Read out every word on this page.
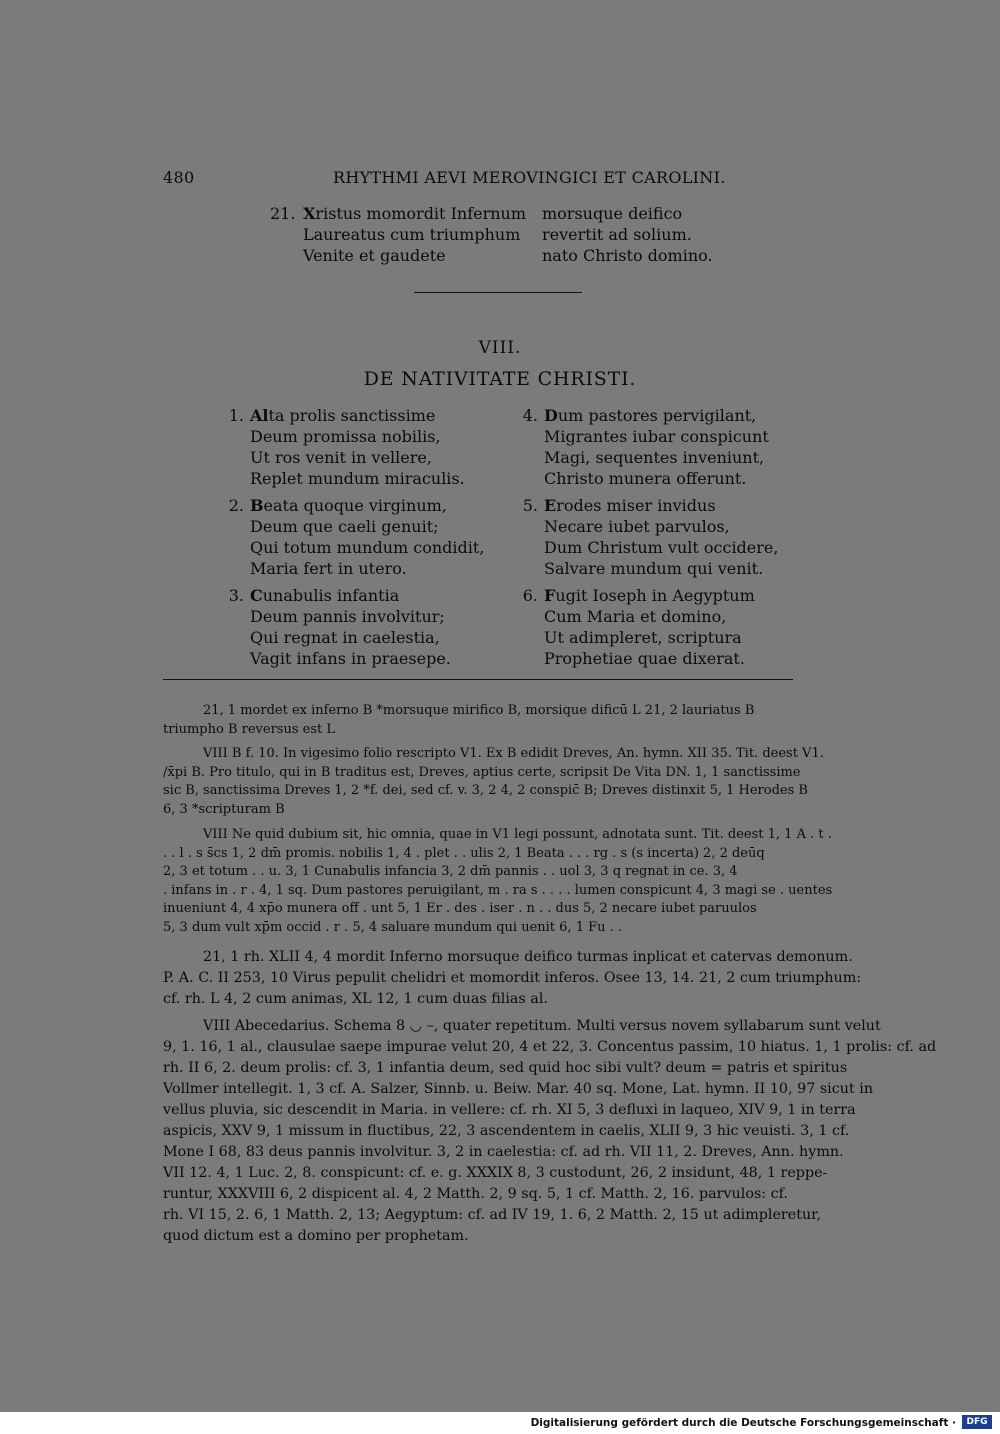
480	RHYTHMI AEVI MEROVINGICI ET CAROLINI.
21. Xristus momordit Infernum
Laureatus cum triumphum
Venite et gaudete
morsuque deifico
revertit ad solium.
nato Christo domino.
VIII.
DE NATIVITATE CHRISTI.
1. Alta prolis sanctissime
Deum promissa nobilis,
Ut ros venit in vellere,
Replet mundum miraculis.
2. Beata quoque virginum,
Deum que caeli genuit;
Qui totum mundum condidit,
Maria fert in utero.
3. Cunabulis infantia
Deum pannis involvitur;
Qui regnat in caelestia,
Vagit infans in praesepe.
4. Dum pastores pervigilant,
Migrantes iubar conspicunt
Magi, sequentes inveniunt,
Christo munera offerunt.
5. Erodes miser invidus
Necare iubet parvulos,
Dum Christum vult occidere,
Salvare mundum qui venit.
6. Fugit Ioseph in Aegyptum
Cum Maria et domino,
Ut adimpleret, scriptura
Prophetiae quae dixerat.
21, 1 mordet ex inferno B *morsuque mirifico B, morsique dificū L 21, 2 lauriatus B
triumpho B reversus est L
VIII B f. 10. In vigesimo folio rescripto V1. Ex B edidit Dreves, An. hymn. XII 35. Tit. deest V1.
/x̄pi B. Pro titulo, qui in B traditus est, Dreves, aptius certe, scripsit De Vita DN. 1, 1 sanctissime
sic B, sanctissima Dreves 1, 2 *f. dei, sed cf. v. 3, 2 4, 2 conspic̄ B; Dreves distinxit 5, 1 Herodes B
6, 3 *scripturam B
VIII Ne quid dubium sit, hic omnia, quae in V1 legi possunt, adnotata sunt. Tit. deest 1, 1 A . t .
. . l . s s̄cs 1, 2 dm̄ promis. nobilis 1, 4 . plet . . ulis 2, 1 Beata . . . rg . s (s incerta) 2, 2 deūq
2, 3 et totum . . u. 3, 1 Cunabulis infancia 3, 2 dm̄ pannis . . uol 3, 3 q regnat in ce. 3, 4
. infans in . r . 4, 1 sq. Dum pastores peruigilant, m . ra s . . . . lumen conspicunt 4, 3 magi se . uentes
inueniunt 4, 4 xp̄o munera off . unt 5, 1 Er . des . iser . n . . dus 5, 2 necare iubet paruulos
5, 3 dum vult xp̄m occid . r . 5, 4 saluare mundum qui uenit 6, 1 Fu . .
21, 1 rh. XLII 4, 4 mordit Inferno morsuque deifico turmas inplicat et catervas demonum.
P. A. C. II 253, 10 Virus pepulit chelidri et momordit inferos. Osee 13, 14. 21, 2 cum triumphum:
cf. rh. L 4, 2 cum animas, XL 12, 1 cum duas filias al.
VIII Abecedarius. Schema 8 ◡ –, quater repetitum. Multi versus novem syllabarum sunt velut
9, 1. 16, 1 al., clausulae saepe impurae velut 20, 4 et 22, 3. Concentus passim, 10 hiatus. 1, 1 prolis: cf. ad
rh. II 6, 2. deum prolis: cf. 3, 1 infantia deum, sed quid hoc sibi vult? deum = patris et spiritus
Vollmer intellegit. 1, 3 cf. A. Salzer, Sinnb. u. Beiw. Mar. 40 sq. Mone, Lat. hymn. II 10, 97 sicut in
vellus pluvia, sic descendit in Maria. in vellere: cf. rh. XI 5, 3 defluxi in laqueo, XIV 9, 1 in terra
aspicis, XXV 9, 1 missum in fluctibus, 22, 3 ascendentem in caelis, XLII 9, 3 hic veuisti. 3, 1 cf.
Mone I 68, 83 deus pannis involvitur. 3, 2 in caelestia: cf. ad rh. VII 11, 2. Dreves, Ann. hymn.
VII 12. 4, 1 Luc. 2, 8. conspicunt: cf. e. g. XXXIX 8, 3 custodunt, 26, 2 insidunt, 48, 1 reppe-
runtur, XXXVIII 6, 2 dispicent al. 4, 2 Matth. 2, 9 sq. 5, 1 cf. Matth. 2, 16. parvulos: cf.
rh. VI 15, 2. 6, 1 Matth. 2, 13; Aegyptum: cf. ad IV 19, 1. 6, 2 Matth. 2, 15 ut adimpleretur,
quod dictum est a domino per prophetam.
Digitalisierung gefördert durch die Deutsche Forschungsgemeinschaft ·	DFG
